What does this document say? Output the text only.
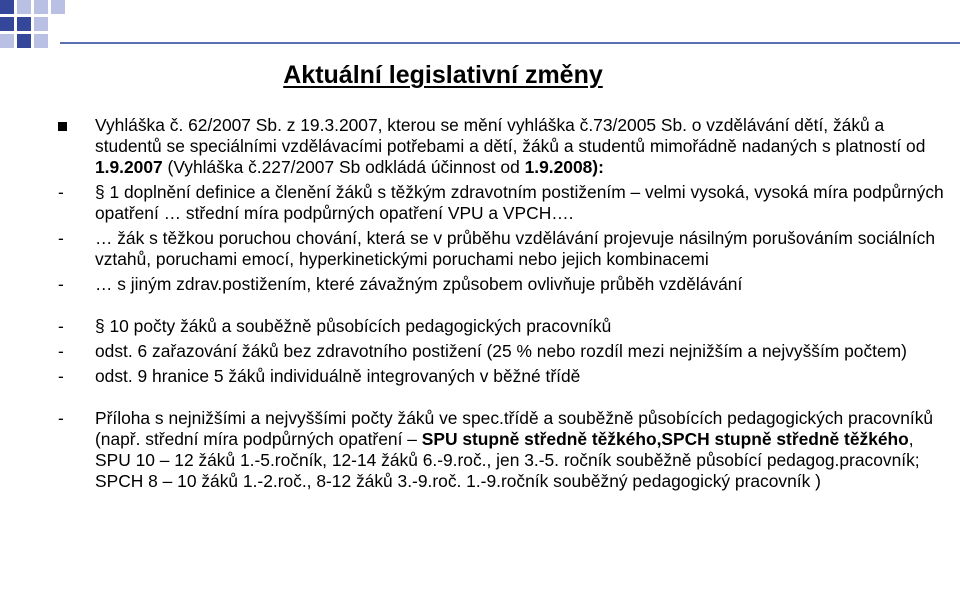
Aktuální legislativní změny
Vyhláška č. 62/2007 Sb. z 19.3.2007, kterou se mění vyhláška č.73/2005 Sb. o vzdělávání dětí, žáků a studentů se speciálními vzdělávacími potřebami a dětí, žáků a studentů mimořádně nadaných s platností od 1.9.2007 (Vyhláška č.227/2007 Sb odkládá účinnost od 1.9.2008):
-	§ 1 doplnění definice a členění žáků s těžkým zdravotním postižením – velmi vysoká, vysoká míra podpůrných opatření … střední míra podpůrných opatření VPU a VPCH….
-	… žák s těžkou poruchou chování, která se v průběhu vzdělávání projevuje násilným porušováním sociálních vztahů, poruchami emocí, hyperkinetickými poruchami nebo jejich kombinacemi
-	… s jiným zdrav.postižením, které závažným způsobem ovlivňuje průběh vzdělávání
-	§ 10 počty žáků a souběžně působících pedagogických pracovníků
-	odst. 6 zařazování žáků bez zdravotního postižení (25 % nebo rozdíl mezi nejnižším a nejvyšším počtem)
-	odst. 9 hranice 5 žáků individuálně integrovaných v běžné třídě
-	Příloha s nejnižšími a nejvyššími počty žáků ve spec.třídě a souběžně působících pedagogických pracovníků (např. střední míra podpůrných opatření – SPU stupně středně těžkého,SPCH stupně středně těžkého, SPU 10 – 12 žáků 1.-5.ročník, 12-14 žáků 6.-9.roč., jen 3.-5. ročník souběžně působící pedagog.pracovník; SPCH 8 – 10 žáků 1.-2.roč., 8-12 žáků 3.-9.roč. 1.-9.ročník souběžný pedagogický pracovník )
